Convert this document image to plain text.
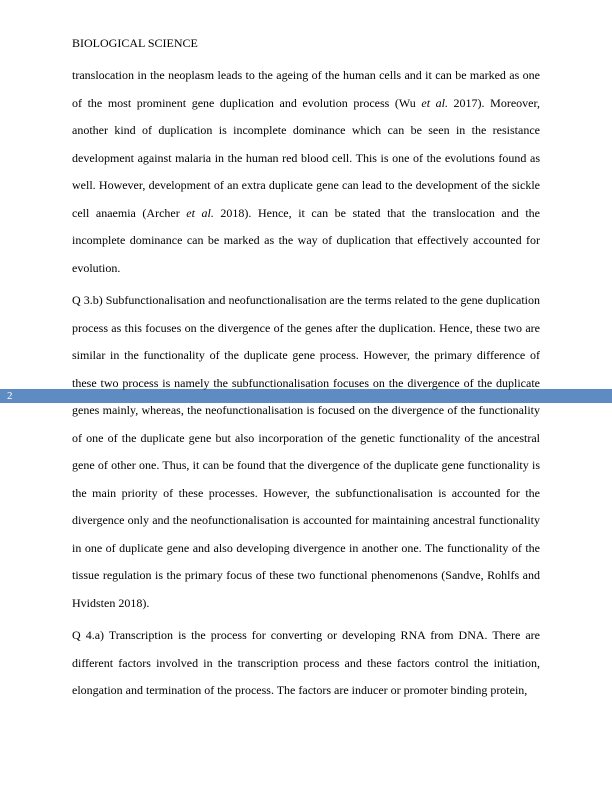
BIOLOGICAL SCIENCE
2

translocation in the neoplasm leads to the ageing of the human cells and it can be marked as one of the most prominent gene duplication and evolution process (Wu et al. 2017). Moreover, another kind of duplication is incomplete dominance which can be seen in the resistance development against malaria in the human red blood cell. This is one of the evolutions found as well. However, development of an extra duplicate gene can lead to the development of the sickle cell anaemia (Archer et al. 2018). Hence, it can be stated that the translocation and the incomplete dominance can be marked as the way of duplication that effectively accounted for evolution.

Q 3.b) Subfunctionalisation and neofunctionalisation are the terms related to the gene duplication process as this focuses on the divergence of the genes after the duplication. Hence, these two are similar in the functionality of the duplicate gene process. However, the primary difference of these two process is namely the subfunctionalisation focuses on the divergence of the duplicate genes mainly, whereas, the neofunctionalisation is focused on the divergence of the functionality of one of the duplicate gene but also incorporation of the genetic functionality of the ancestral gene of other one. Thus, it can be found that the divergence of the duplicate gene functionality is the main priority of these processes. However, the subfunctionalisation is accounted for the divergence only and the neofunctionalisation is accounted for maintaining ancestral functionality in one of duplicate gene and also developing divergence in another one. The functionality of the tissue regulation is the primary focus of these two functional phenomenons (Sandve, Rohlfs and Hvidsten 2018).

Q 4.a) Transcription is the process for converting or developing RNA from DNA. There are different factors involved in the transcription process and these factors control the initiation, elongation and termination of the process. The factors are inducer or promoter binding protein,
